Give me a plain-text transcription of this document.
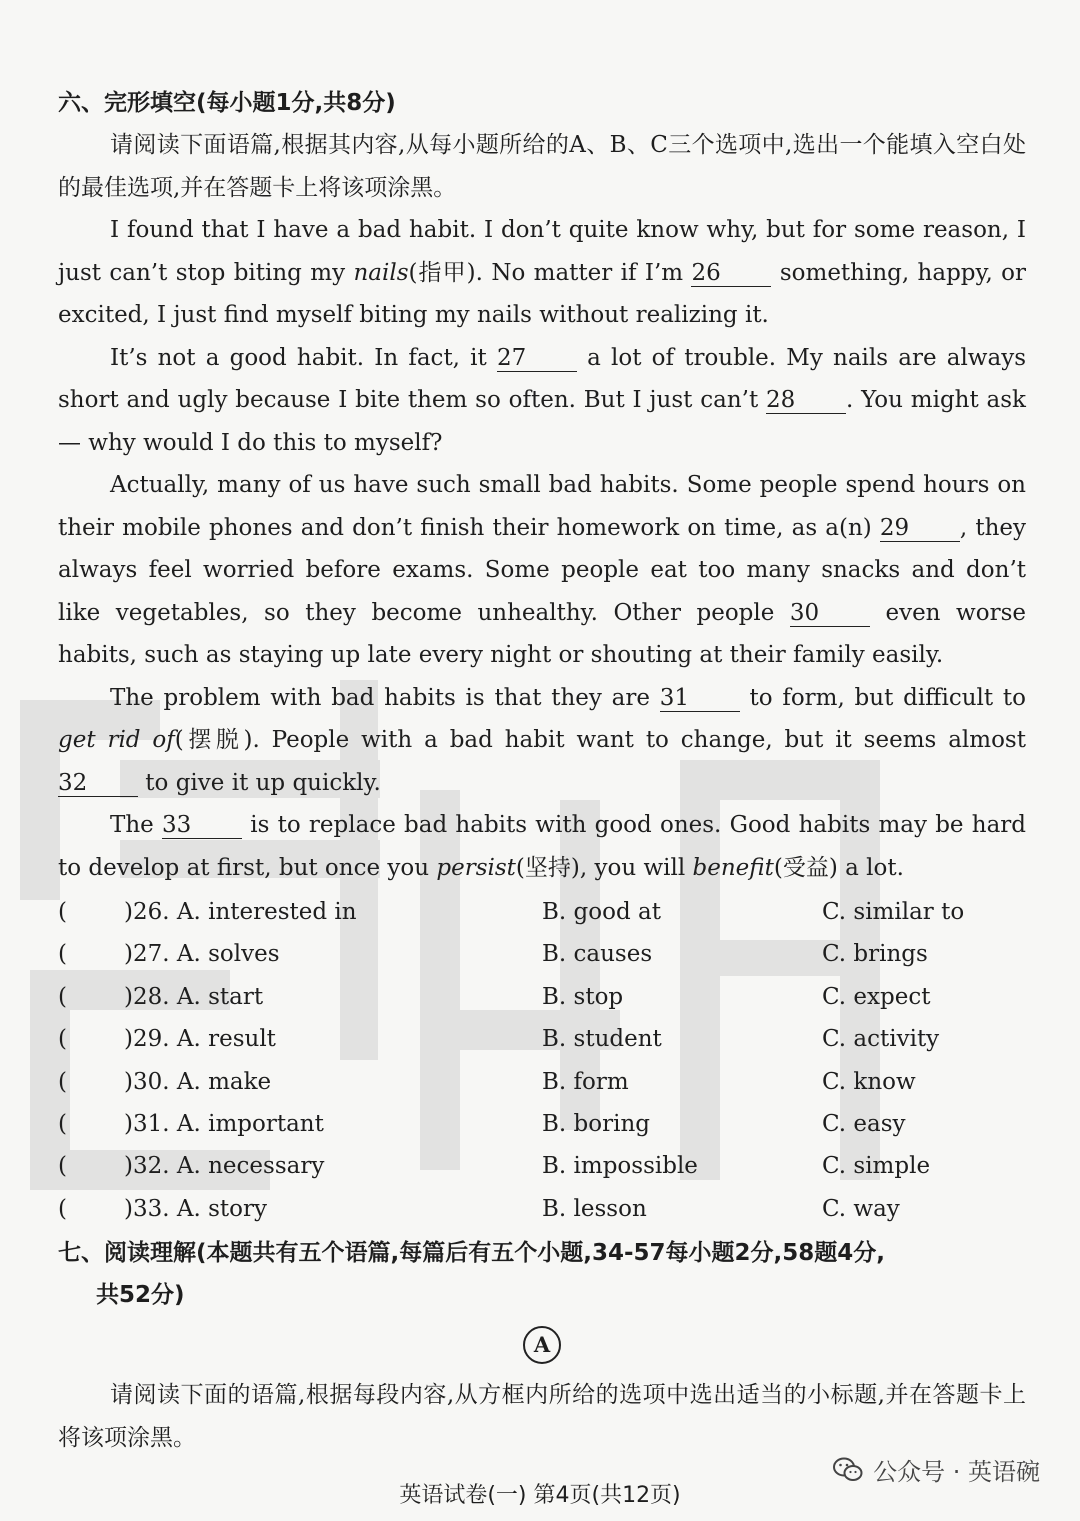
六、完形填空(每小题1分,共8分)

请阅读下面语篇,根据其内容,从每小题所给的A、B、C三个选项中,选出一个能填入空白处的最佳选项,并在答题卡上将该项涂黑。

I found that I have a bad habit. I don’t quite know why, but for some reason, I just can’t stop biting my nails(指甲). No matter if I’m 26 something, happy, or excited, I just find myself biting my nails without realizing it.

It’s not a good habit. In fact, it 27 a lot of trouble. My nails are always short and ugly because I bite them so often. But I just can’t 28 . You might ask — why would I do this to myself?

Actually, many of us have such small bad habits. Some people spend hours on their mobile phones and don’t finish their homework on time, as a(n) 29 , they always feel worried before exams. Some people eat too many snacks and don’t like vegetables, so they become unhealthy. Other people 30 even worse habits, such as staying up late every night or shouting at their family easily.

The problem with bad habits is that they are 31 to form, but difficult to get rid of(摆脱). People with a bad habit want to change, but it seems almost 32 to give it up quickly.

The 33 is to replace bad habits with good ones. Good habits may be hard to develop at first, but once you persist(坚持), you will benefit(受益) a lot.

(	)26. A. interested in	B. good at	C. similar to
(	)27. A. solves	B. causes	C. brings
(	)28. A. start	B. stop	C. expect
(	)29. A. result	B. student	C. activity
(	)30. A. make	B. form	C. know
(	)31. A. important	B. boring	C. easy
(	)32. A. necessary	B. impossible	C. simple
(	)33. A. story	B. lesson	C. way
七、阅读理解(本题共有五个语篇,每篇后有五个小题,34-57每小题2分,58题4分,
共52分)
A

请阅读下面的语篇,根据每段内容,从方框内所给的选项中选出适当的小标题,并在答题卡上将该项涂黑。

公众号 · 英语碗
英语试卷(一) 第4页(共12页)
